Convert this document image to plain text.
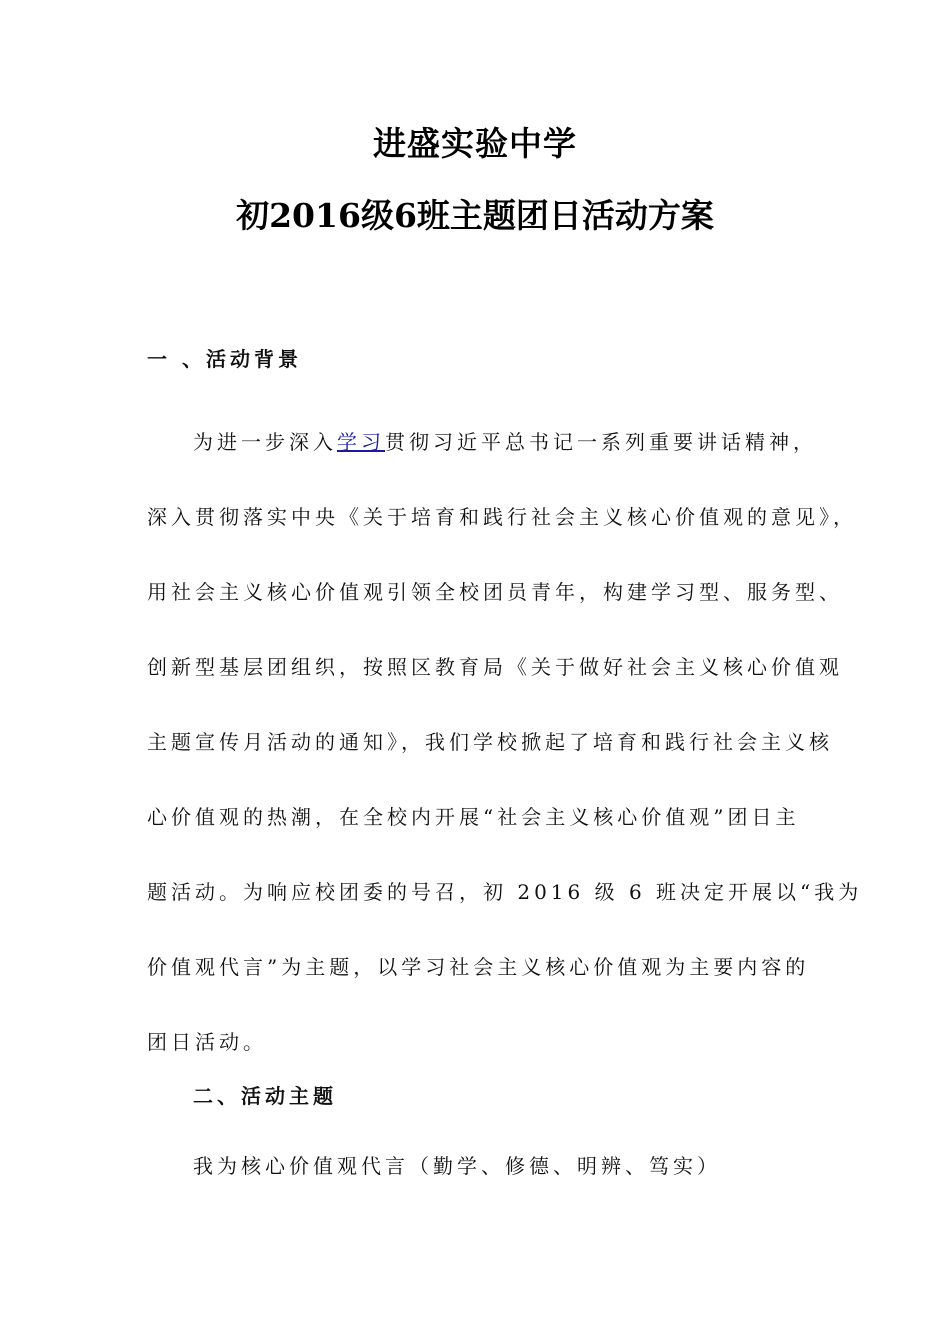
进盛实验中学
初2016级6班主题团日活动方案
一 、活动背景
为进一步深入学习贯彻习近平总书记一系列重要讲话精神，
深入贯彻落实中央《关于培育和践行社会主义核心价值观的意见》，
用社会主义核心价值观引领全校团员青年，构建学习型、服务型、
创新型基层团组织，按照区教育局《关于做好社会主义核心价值观
主题宣传月活动的通知》，我们学校掀起了培育和践行社会主义核
心价值观的热潮，在全校内开展“社会主义核心价值观”团日主
题活动。为响应校团委的号召，初 2016 级 6 班决定开展以“我为
价值观代言”为主题，以学习社会主义核心价值观为主要内容的
团日活动。
二、活动主题

我为核心价值观代言（勤学、修德、明辨、笃实）
